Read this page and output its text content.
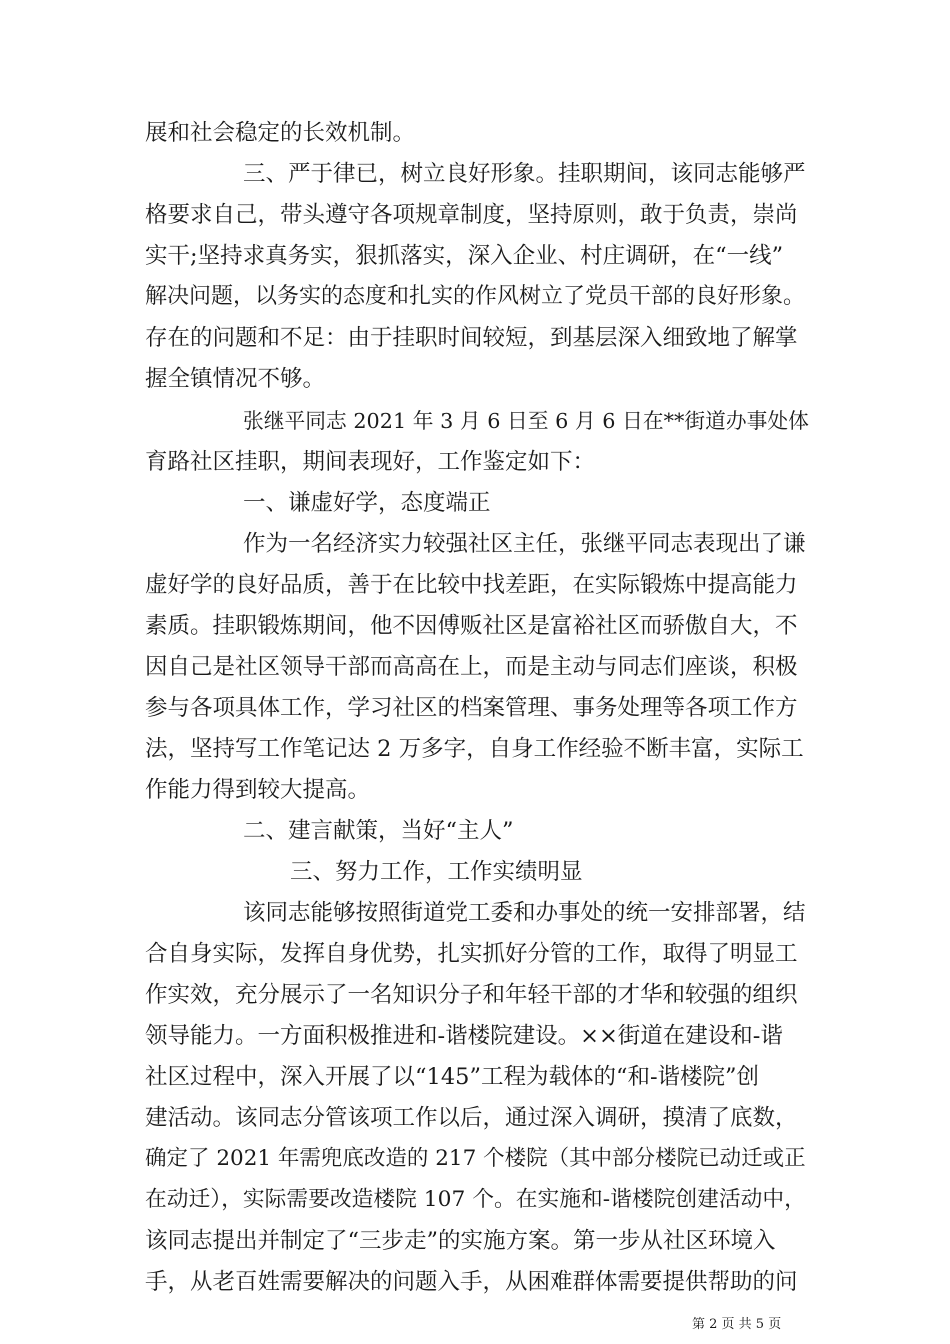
展和社会稳定的长效机制。

三、严于律已，树立良好形象。挂职期间，该同志能够严

格要求自己，带头遵守各项规章制度，坚持原则，敢于负责，崇尚

实干;坚持求真务实，狠抓落实，深入企业、村庄调研，在“一线”

解决问题，以务实的态度和扎实的作风树立了党员干部的良好形象。

存在的问题和不足：由于挂职时间较短，到基层深入细致地了解掌

握全镇情况不够。

张继平同志 2021 年 3 月 6 日至 6 月 6 日在**街道办事处体

育路社区挂职，期间表现好，工作鉴定如下：

一、谦虚好学，态度端正

作为一名经济实力较强社区主任，张继平同志表现出了谦

虚好学的良好品质，善于在比较中找差距，在实际锻炼中提高能力

素质。挂职锻炼期间，他不因傅贩社区是富裕社区而骄傲自大，不

因自己是社区领导干部而高高在上，而是主动与同志们座谈，积极

参与各项具体工作，学习社区的档案管理、事务处理等各项工作方

法，坚持写工作笔记达 2 万多字，自身工作经验不断丰富，实际工

作能力得到较大提高。

二、建言献策，当好“主人”

三、努力工作，工作实绩明显

该同志能够按照街道党工委和办事处的统一安排部署，结

合自身实际，发挥自身优势，扎实抓好分管的工作，取得了明显工

作实效，充分展示了一名知识分子和年轻干部的才华和较强的组织

领导能力。一方面积极推进和-谐楼院建设。××街道在建设和-谐

社区过程中，深入开展了以“145”工程为载体的“和-谐楼院”创

建活动。该同志分管该项工作以后，通过深入调研，摸清了底数，

确定了 2021 年需兜底改造的 217 个楼院（其中部分楼院已动迁或正

在动迁），实际需要改造楼院 107 个。在实施和-谐楼院创建活动中，

该同志提出并制定了“三步走”的实施方案。第一步从社区环境入

手，从老百姓需要解决的问题入手，从困难群体需要提供帮助的问

第 2 页 共 5 页
